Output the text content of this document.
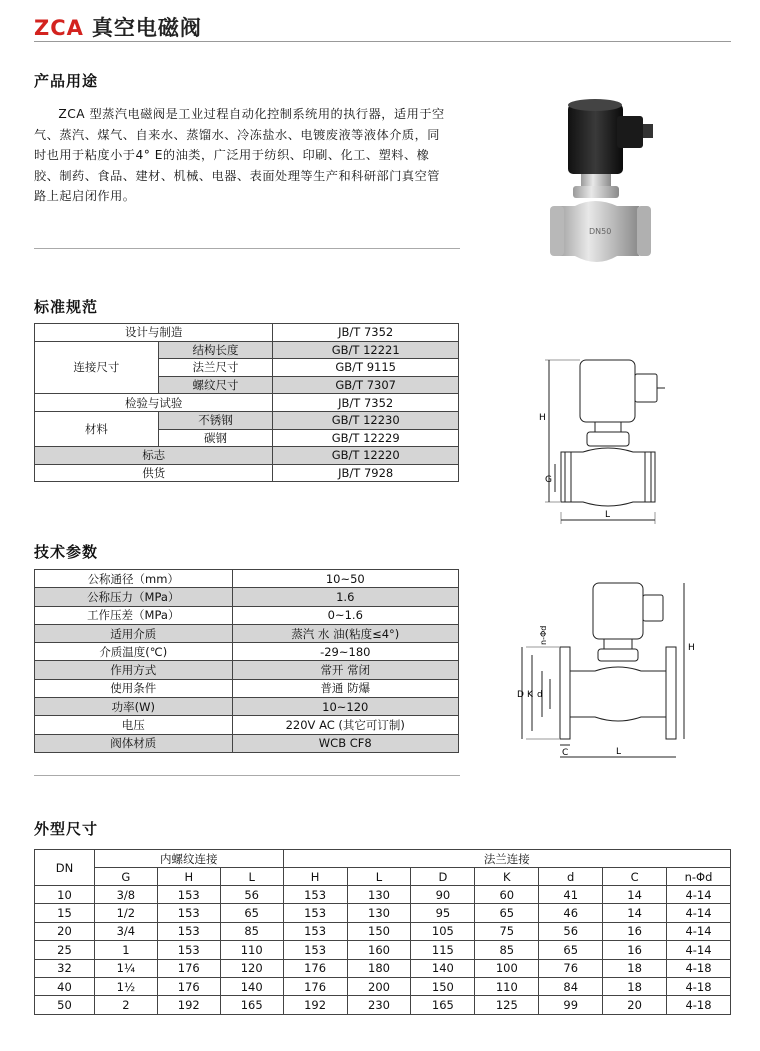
ZCA 真空电磁阀
产品用途

ZCA 型蒸汽电磁阀是工业过程自动化控制系统用的执行器，适用于空气、蒸汽、煤气、自来水、蒸馏水、冷冻盐水、电镀废液等液体介质，同时也用于粘度小于4° E的油类，广泛用于纺织、印刷、化工、塑料、橡胶、制药、食品、建材、机械、电器、表面处理等生产和科研部门真空管路上起启闭作用。

DN50
标准规范
设计与制造		JB/T 7352
连接尺寸	结构长度	GB/T 12221
	法兰尺寸	GB/T 9115
	螺纹尺寸	GB/T 7307
检验与试验		JB/T 7352
材料	不锈钢	GB/T 12230
	碳钢	GB/T 12229
标志		GB/T 12220
供货		JB/T 7928
H
L
G
技术参数
公称通径（mm）	10~50
公称压力（MPa）	1.6
工作压差（MPa）	0~1.6
适用介质	蒸汽 水 油(粘度≤4°)
介质温度(℃)	-29~180
作用方式	常开 常闭
使用条件	普通 防爆
功率(W)	10~120
电压	220V AC (其它可订制)
阀体材质	WCB CF8
n-Φd
D K d
C	L
H
外型尺寸
DN	内螺纹连接			法兰连接						
	G	H	L	H	L	D	K	d	C	n-Φd
10	3/8	153	56	153	130	90	60	41	14	4-14
15	1/2	153	65	153	130	95	65	46	14	4-14
20	3/4	153	85	153	150	105	75	56	16	4-14
25	1	153	110	153	160	115	85	65	16	4-14
32	1¼	176	120	176	180	140	100	76	18	4-18
40	1½	176	140	176	200	150	110	84	18	4-18
50	2	192	165	192	230	165	125	99	20	4-18
